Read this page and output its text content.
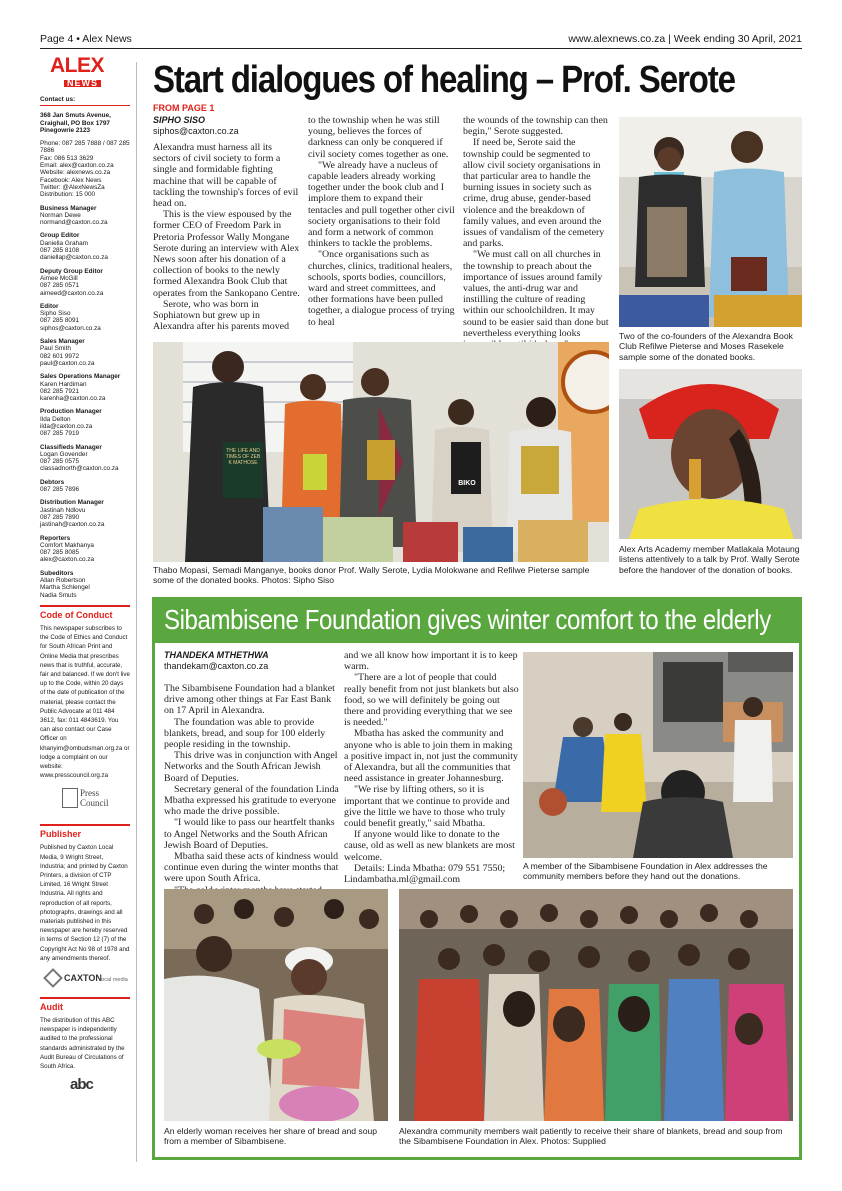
Page 4 • Alex News	www.alexnews.co.za | Week ending 30 April, 2021
ALEX
NEWS
Contact us:
368 Jan Smuts Avenue, Craighall, PO Box 1797 Pinegowrie 2123
Phone: 087 285 7888 / 087 285 7886
Fax: 086 513 3629
Email: alex@caxton.co.za
Website: alexnews.co.za
Facebook: Alex News
Twitter: @AlexNewsZa
Distribution: 15 000
Business Manager
Norman Dewe
normand@caxton.co.za
Group Editor
Daniella Graham
087 285 8108
daniellap@caxton.co.za
Deputy Group Editor
Aimee McGill
087 285 0571
aimeed@caxton.co.za
Editor
Sipho Siso
087 285 8091
siphos@caxton.co.za
Sales Manager
Paul Smith
082 601 9972
paul@caxton.co.za
Sales Operations Manager
Karen Hardiman
082 285 7921
karenha@caxton.co.za
Production Manager
Ilda Delton
ilda@caxton.co.za
087 285 7919
Classifieds Manager
Logan Govender
087 285 0575
classadnorth@caxton.co.za
Debtors
087 285 7896
Distribution Manager
Jastinah Ndlovu
087 285 7890
jastinah@caxton.co.za
Reporters
Comfort Makhanya
087 285 8085
alex@caxton.co.za
Subeditors
Allan Robertson
Martha Schlengel
Nadia Smuts
Code of Conduct
This newspaper subscribes to the Code of Ethics and Conduct for South African Print and Online Media that prescribes news that is truthful, accurate, fair and balanced. If we don't live up to the Code, within 20 days of the date of publication of the material, please contact the Public Advocate at 011 484 3612, fax: 011 4843619. You can also contact our Case Officer on khanyim@ombudsman.org.za or lodge a complaint on our website: www.presscouncil.org.za
Press
Council
Publisher
Published by Caxton Local Media, 9 Wright Street, Industria; and printed by Caxton Printers, a division of CTP Limited, 16 Wright Street Industria. All rights and reproduction of all reports, photographs, drawings and all materials published in this newspaper are hereby reserved in terms of Section 12 (7) of the Copyright Act No 98 of 1978 and any amendments thereof.
CAXTON
local media
Audit
The distribution of this ABC newspaper is independently audited to the professional standards administrated by the Audit Bureau of Circulations of South Africa.
abc
Start dialogues of healing – Prof. Serote
FROM PAGE 1
SIPHO SISO
siphos@caxton.co.za

Alexandra must harness all its sectors of civil society to form a single and formidable fighting machine that will be capable of tackling the township's forces of evil head on.

This is the view espoused by the former CEO of Freedom Park in Pretoria Professor Wally Mongane Serote during an interview with Alex News soon after his donation of a collection of books to the newly formed Alexandra Book Club that operates from the Sankopano Centre.

Serote, who was born in Sophiatown but grew up in Alexandra after his parents moved

to the township when he was still young, believes the forces of darkness can only be conquered if civil society comes together as one.

"We already have a nucleus of capable leaders already working together under the book club and I implore them to expand their tentacles and pull together other civil society organisations to their fold and form a network of common thinkers to tackle the problems.

"Once organisations such as churches, clinics, traditional healers, schools, sports bodies, councillors, ward and street committees, and other formations have been pulled together, a dialogue process of trying to heal

the wounds of the township can then begin," Serote suggested.

If need be, Serote said the township could be segmented to allow civil society organisations in that particular area to handle the burning issues in society such as crime, drug abuse, gender-based violence and the breakdown of family values, and even around the issues of vandalism of the cemetery and parks.

"We must call on all churches in the township to preach about the importance of issues around family values, the anti-drug war and instilling the culture of reading within our schoolchildren. It may sound to be easier said than done but nevertheless everything looks	Two of the co-founders of the Alexandra Book Club Refilwe Pieterse and Moses Rasekele sample some of the donated books.
THE LIFE AND TIMES OF ZEB K MATHOSE
BIKO
Thabo Mopasi, Semadi Manganye, books donor Prof. Wally Serote, Lydia Molokwane and Refilwe Pieterse sample some of the donated books. Photos: Sipho Siso
Alex Arts Academy member Matlakala Motaung listens attentively to a talk by Prof. Wally Serote before the handover of the donation of books.
Sibambisene Foundation gives winter comfort to the elderly
THANDEKA MTHETHWA
thandekam@caxton.co.za

The Sibambisene Foundation had a blanket drive among other things at Far East Bank on 17 April in Alexandra.

The foundation was able to provide blankets, bread, and soup for 100 elderly people residing in the township.

This drive was in conjunction with Angel Networks and the South African Jewish Board of Deputies.

Secretary general of the foundation Linda Mbatha expressed his gratitude to everyone who made the drive possible.

"I would like to pass our heartfelt thanks to Angel Networks and the South African Jewish Board of Deputies.

Mbatha said these acts of kindness would continue even during the winter months that were upon South Africa.

and we all know how important it is to keep warm.

"There are a lot of people that could really benefit from not just blankets but also food, so we will definitely be going out there and providing everything that we see is needed."

Mbatha has asked the community and anyone who is able to join them in making a positive impact in, not just the community of Alexandra, but all the communities that need assistance in greater Johannesburg.

"We rise by lifting others, so it is important that we continue to provide and give the little we have to those who truly could benefit greatly," said Mbatha.

If anyone would like to donate to the cause, old as well as new blankets are most welcome.

Details: Linda Mbatha: 079 551 7550; Lindambatha.ml@gmail.com

A member of the Sibambisene Foundation in Alex addresses the community members before they hand out the donations.
An elderly woman receives her share of bread and soup from a member of Sibambisene.
Alexandra community members wait patiently to receive their share of blankets, bread and soup from the Sibambisene Foundation in Alex. Photos: Supplied
